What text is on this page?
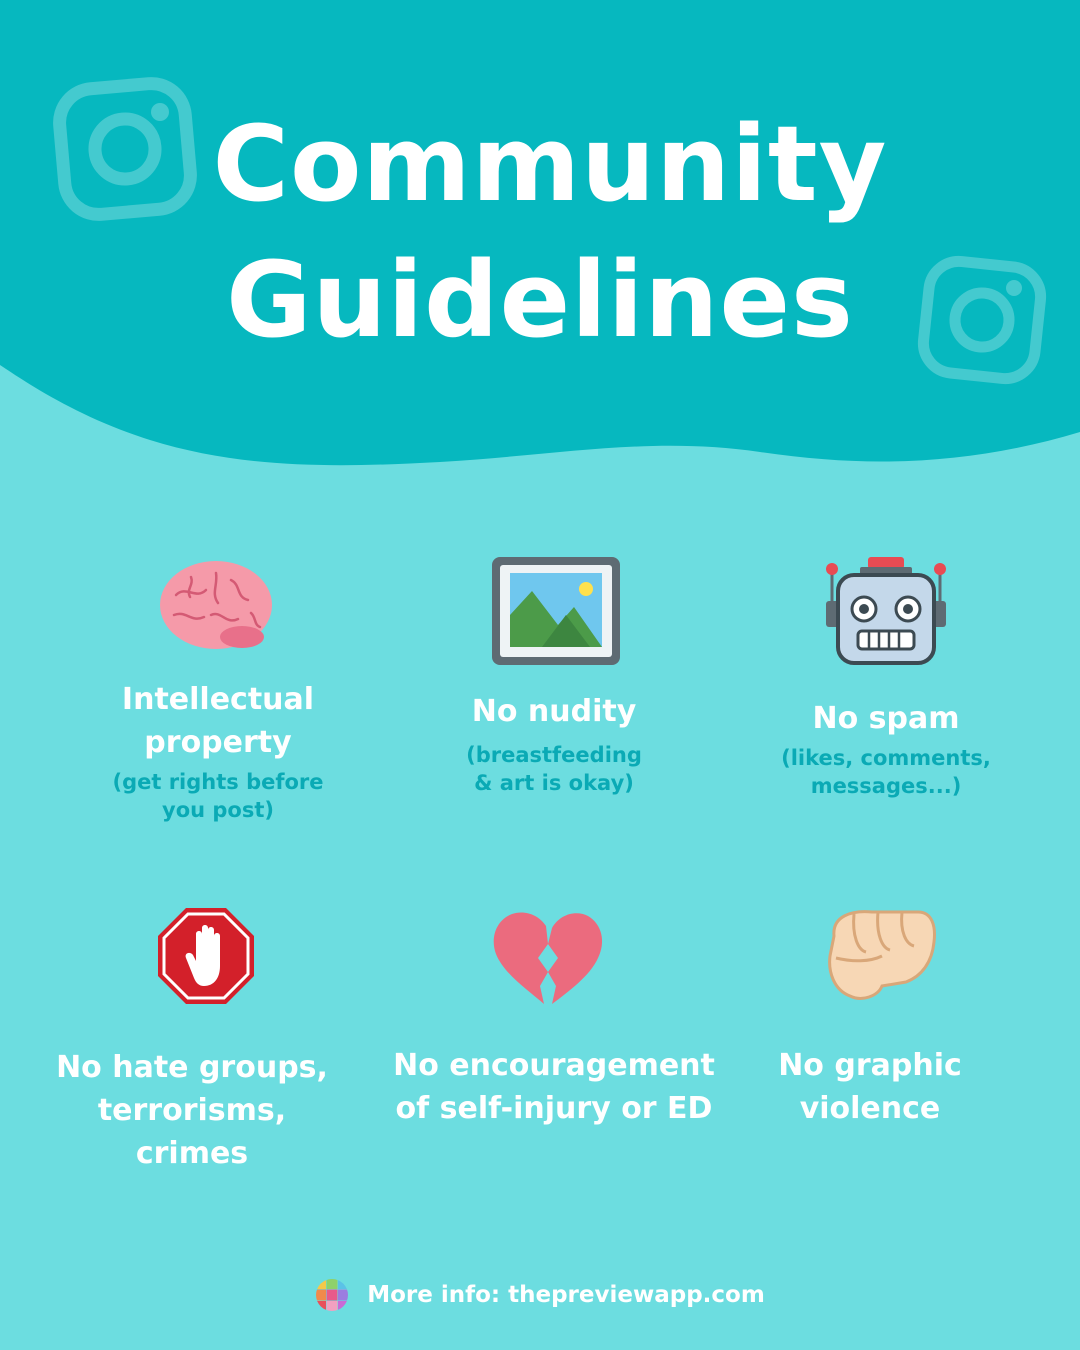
Community
Guidelines
Intellectual
property
(get rights before
you post)
No nudity
(breastfeeding
& art is okay)
No spam
(likes, comments,
messages...)
No hate groups,
terrorisms,
crimes
No encouragement
of self-injury or ED
No graphic
violence
More info: thepreviewapp.com
